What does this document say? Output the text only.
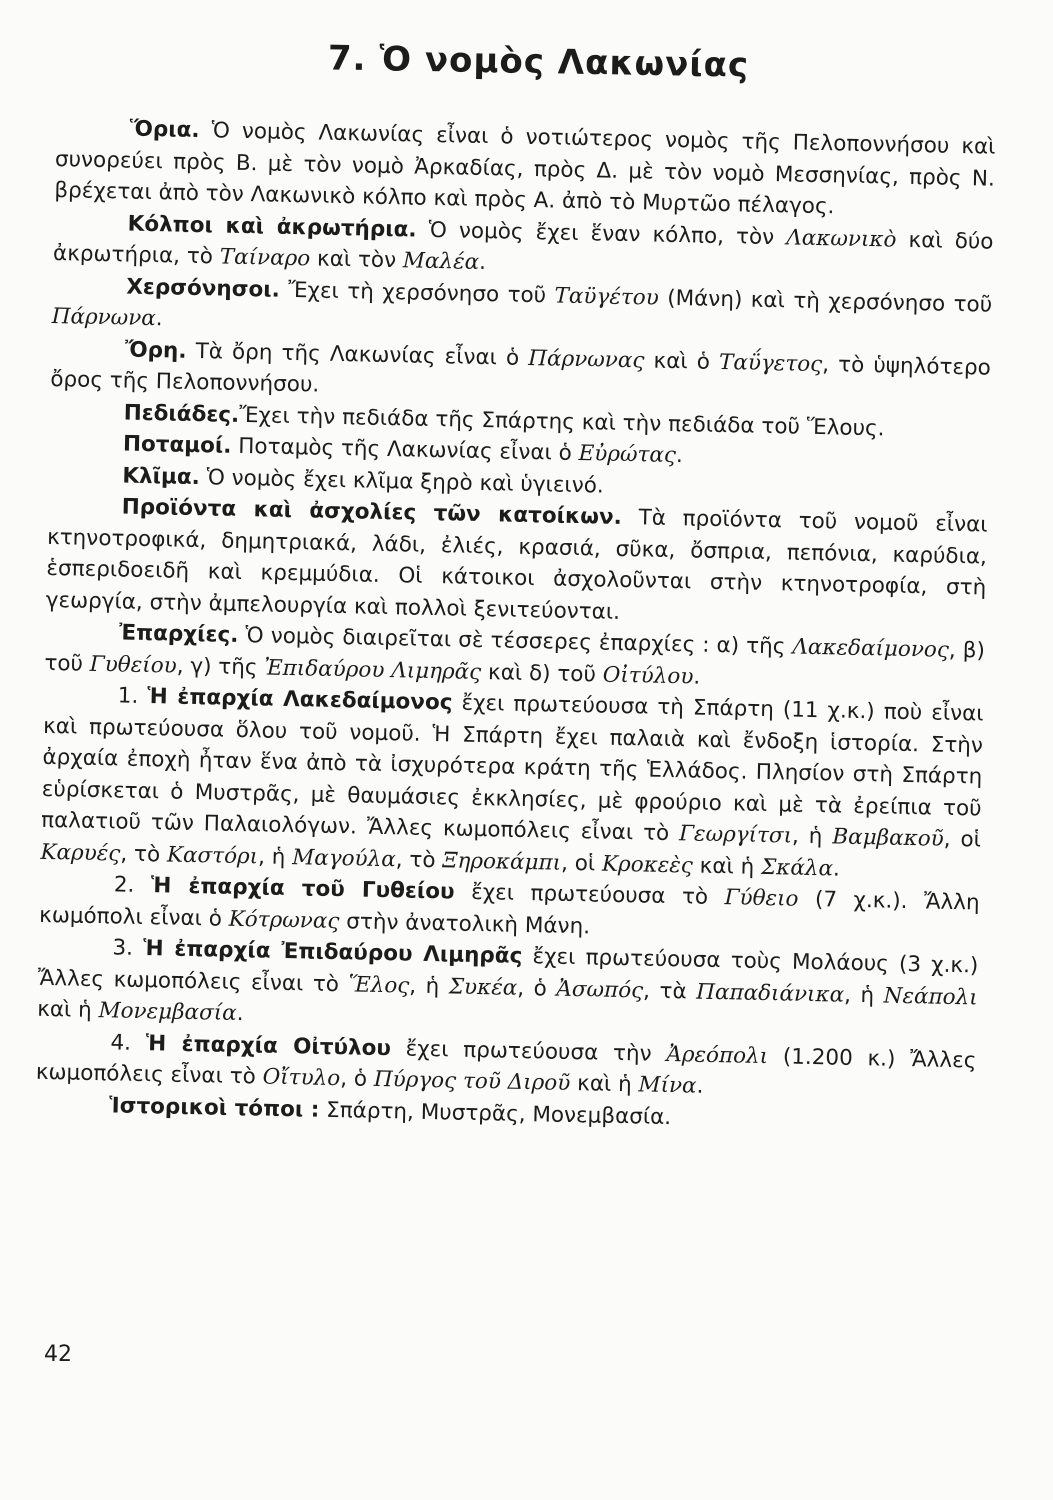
7. Ὁ νομὸς Λακωνίας

Ὅρια. Ὁ νομὸς Λακωνίας εἶναι ὁ νοτιώτερος νομὸς τῆς Πελοποννήσου καὶ συνορεύει πρὸς Β. μὲ τὸν νομὸ Ἀρκαδίας, πρὸς Δ. μὲ τὸν νομὸ Μεσσηνίας, πρὸς Ν. βρέχεται ἀπὸ τὸν Λακωνικὸ κόλπο καὶ πρὸς Α. ἀπὸ τὸ Μυρτῶο πέλαγος.

Κόλποι καὶ ἀκρωτήρια. Ὁ νομὸς ἔχει ἕναν κόλπο, τὸν Λακωνικὸ καὶ δύο ἀκρωτήρια, τὸ Ταίναρο καὶ τὸν Μαλέα.

Χερσόνησοι. Ἔχει τὴ χερσόνησο τοῦ Ταϋγέτου (Μάνη) καὶ τὴ χερσόνησο τοῦ Πάρνωνα.

Ὄρη. Τὰ ὄρη τῆς Λακωνίας εἶναι ὁ Πάρνωνας καὶ ὁ Ταΰγετος, τὸ ὑψηλότερο ὄρος τῆς Πελοποννήσου.

Πεδιάδες.Ἔχει τὴν πεδιάδα τῆς Σπάρτης καὶ τὴν πεδιάδα τοῦ Ἕλους.

Ποταμοί. Ποταμὸς τῆς Λακωνίας εἶναι ὁ Εὐρώτας.

Κλῖμα. Ὁ νομὸς ἔχει κλῖμα ξηρὸ καὶ ὑγιεινό.

Προϊόντα καὶ ἀσχολίες τῶν κατοίκων. Τὰ προϊόντα τοῦ νομοῦ εἶναι κτηνοτροφικά, δημητριακά, λάδι, ἐλιές, κρασιά, σῦκα, ὄσπρια, πεπόνια, καρύδια, ἑσπεριδοειδῆ καὶ κρεμμύδια. Οἱ κάτοικοι ἀσχολοῦνται στὴν κτηνοτροφία, στὴ γεωργία, στὴν ἀμπελουργία καὶ πολλοὶ ξενιτεύονται.

Ἐπαρχίες. Ὁ νομὸς διαιρεῖται σὲ τέσσερες ἐπαρχίες : α) τῆς Λακεδαίμονος, β) τοῦ Γυθείου, γ) τῆς Ἐπιδαύρου Λιμηρᾶς καὶ δ) τοῦ Οἰτύλου.

1. Ἡ ἐπαρχία Λακεδαίμονος ἔχει πρωτεύουσα τὴ Σπάρτη (11 χ.κ.) ποὺ εἶναι καὶ πρωτεύουσα ὅλου τοῦ νομοῦ. Ἡ Σπάρτη ἔχει παλαιὰ καὶ ἔνδοξη ἱστορία. Στὴν ἀρχαία ἐποχὴ ἦταν ἕνα ἀπὸ τὰ ἰσχυρότερα κράτη τῆς Ἑλλάδος. Πλησίον στὴ Σπάρτη εὑρίσκεται ὁ Μυστρᾶς, μὲ θαυμάσιες ἐκκλησίες, μὲ φρούριο καὶ μὲ τὰ ἐρείπια τοῦ παλατιοῦ τῶν Παλαιολόγων. Ἄλλες κωμοπόλεις εἶναι τὸ Γεωργίτσι, ἡ Βαμβακοῦ, οἱ Καρυές, τὸ Καστόρι, ἡ Μαγούλα, τὸ Ξηροκάμπι, οἱ Κροκεὲς καὶ ἡ Σκάλα.

2. Ἡ ἐπαρχία τοῦ Γυθείου ἔχει πρωτεύουσα τὸ Γύθειο (7 χ.κ.). Ἄλλη κωμόπολι εἶναι ὁ Κότρωνας στὴν ἀνατολικὴ Μάνη.

3. Ἡ ἐπαρχία Ἐπιδαύρου Λιμηρᾶς ἔχει πρωτεύουσα τοὺς Μολάους (3 χ.κ.) Ἄλλες κωμοπόλεις εἶναι τὸ Ἕλος, ἡ Συκέα, ὁ Ἀσωπός, τὰ Παπαδιάνικα, ἡ Νεάπολι καὶ ἡ Μονεμβασία.

4. Ἡ ἐπαρχία Οἰτύλου ἔχει πρωτεύουσα τὴν Ἀρεόπολι (1.200 κ.) Ἄλλες κωμοπόλεις εἶναι τὸ Οἴτυλο, ὁ Πύργος τοῦ Διροῦ καὶ ἡ Μίνα.

Ἱστορικοὶ τόποι : Σπάρτη, Μυστρᾶς, Μονεμβασία.

42
